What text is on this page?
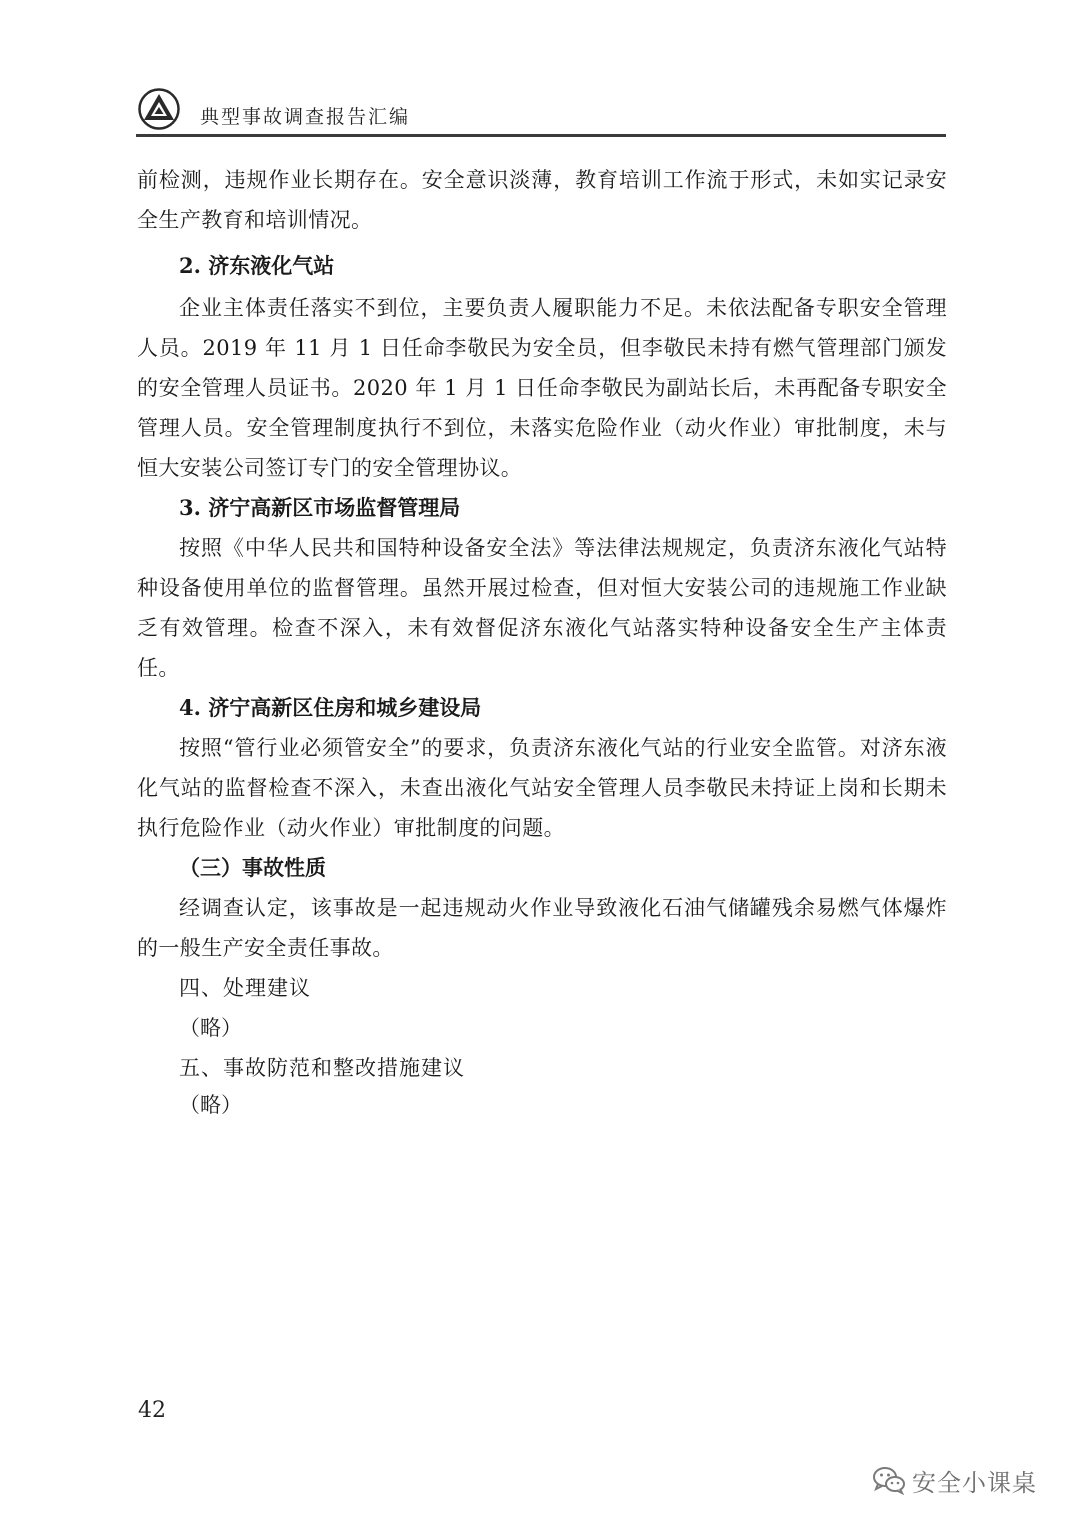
典型事故调查报告汇编

前检测，违规作业长期存在。安全意识淡薄，教育培训工作流于形式，未如实记录安全生产教育和培训情况。

2. 济东液化气站

企业主体责任落实不到位，主要负责人履职能力不足。未依法配备专职安全管理人员。2019 年 11 月 1 日任命李敬民为安全员，但李敬民未持有燃气管理部门颁发的安全管理人员证书。2020 年 1 月 1 日任命李敬民为副站长后，未再配备专职安全管理人员。安全管理制度执行不到位，未落实危险作业（动火作业）审批制度，未与恒大安装公司签订专门的安全管理协议。

3. 济宁高新区市场监督管理局

按照《中华人民共和国特种设备安全法》等法律法规规定，负责济东液化气站特种设备使用单位的监督管理。虽然开展过检查，但对恒大安装公司的违规施工作业缺乏有效管理。检查不深入，未有效督促济东液化气站落实特种设备安全生产主体责任。

4. 济宁高新区住房和城乡建设局

按照“管行业必须管安全”的要求，负责济东液化气站的行业安全监管。对济东液化气站的监督检查不深入，未查出液化气站安全管理人员李敬民未持证上岗和长期未执行危险作业（动火作业）审批制度的问题。

（三）事故性质

经调查认定，该事故是一起违规动火作业导致液化石油气储罐残余易燃气体爆炸的一般生产安全责任事故。

四、处理建议

（略）

五、事故防范和整改措施建议

（略）

42
安全小课桌
